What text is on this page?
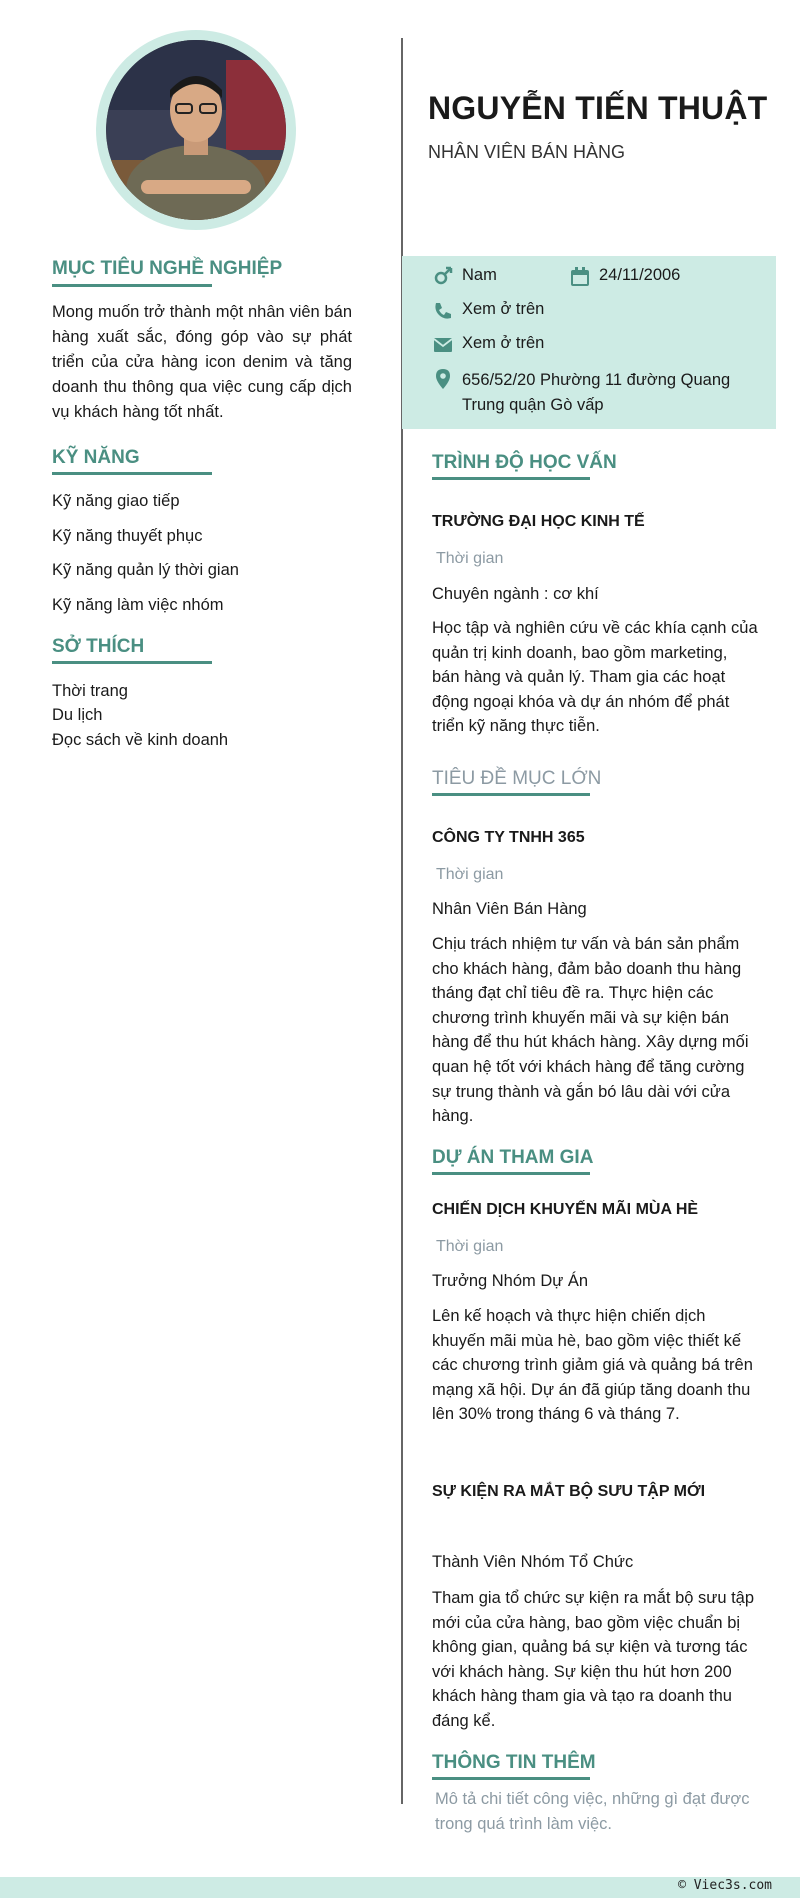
MỤC TIÊU NGHỀ NGHIỆP

Mong muốn trở thành một nhân viên bán hàng xuất sắc, đóng góp vào sự phát triển của cửa hàng icon denim và tăng doanh thu thông qua việc cung cấp dịch vụ khách hàng tốt nhất.

KỸ NĂNG
Kỹ năng giao tiếp
Kỹ năng thuyết phục
Kỹ năng quản lý thời gian
Kỹ năng làm việc nhóm
SỞ THÍCH
Thời trang
Du lịch
Đọc sách về kinh doanh
NGUYỄN TIẾN THUẬT
NHÂN VIÊN BÁN HÀNG
Nam	24/11/2006
Xem ở trên
Xem ở trên
656/52/20 Phường 11 đường Quang
Trung quận Gò vấp
TRÌNH ĐỘ HỌC VẤN
TRƯỜNG ĐẠI HỌC KINH TẾ
Thời gian
Chuyên ngành : cơ khí
Học tập và nghiên cứu về các khía cạnh của quản trị kinh doanh, bao gồm marketing, bán hàng và quản lý. Tham gia các hoạt động ngoại khóa và dự án nhóm để phát triển kỹ năng thực tiễn.
TIÊU ĐỀ MỤC LỚN
CÔNG TY TNHH 365
Thời gian
Nhân Viên Bán Hàng
Chịu trách nhiệm tư vấn và bán sản phẩm cho khách hàng, đảm bảo doanh thu hàng tháng đạt chỉ tiêu đề ra. Thực hiện các chương trình khuyến mãi và sự kiện bán hàng để thu hút khách hàng. Xây dựng mối quan hệ tốt với khách hàng để tăng cường sự trung thành và gắn bó lâu dài với cửa hàng.
DỰ ÁN THAM GIA
CHIẾN DỊCH KHUYẾN MÃI MÙA HÈ
Thời gian
Trưởng Nhóm Dự Án
Lên kế hoạch và thực hiện chiến dịch khuyến mãi mùa hè, bao gồm việc thiết kế các chương trình giảm giá và quảng bá trên mạng xã hội. Dự án đã giúp tăng doanh thu lên 30% trong tháng 6 và tháng 7.
SỰ KIỆN RA MẮT BỘ SƯU TẬP MỚI
Thành Viên Nhóm Tổ Chức
Tham gia tổ chức sự kiện ra mắt bộ sưu tập mới của cửa hàng, bao gồm việc chuẩn bị không gian, quảng bá sự kiện và tương tác với khách hàng. Sự kiện thu hút hơn 200 khách hàng tham gia và tạo ra doanh thu đáng kể.
THÔNG TIN THÊM
Mô tả chi tiết công việc, những gì đạt được trong quá trình làm việc.
© Viec3s.com
